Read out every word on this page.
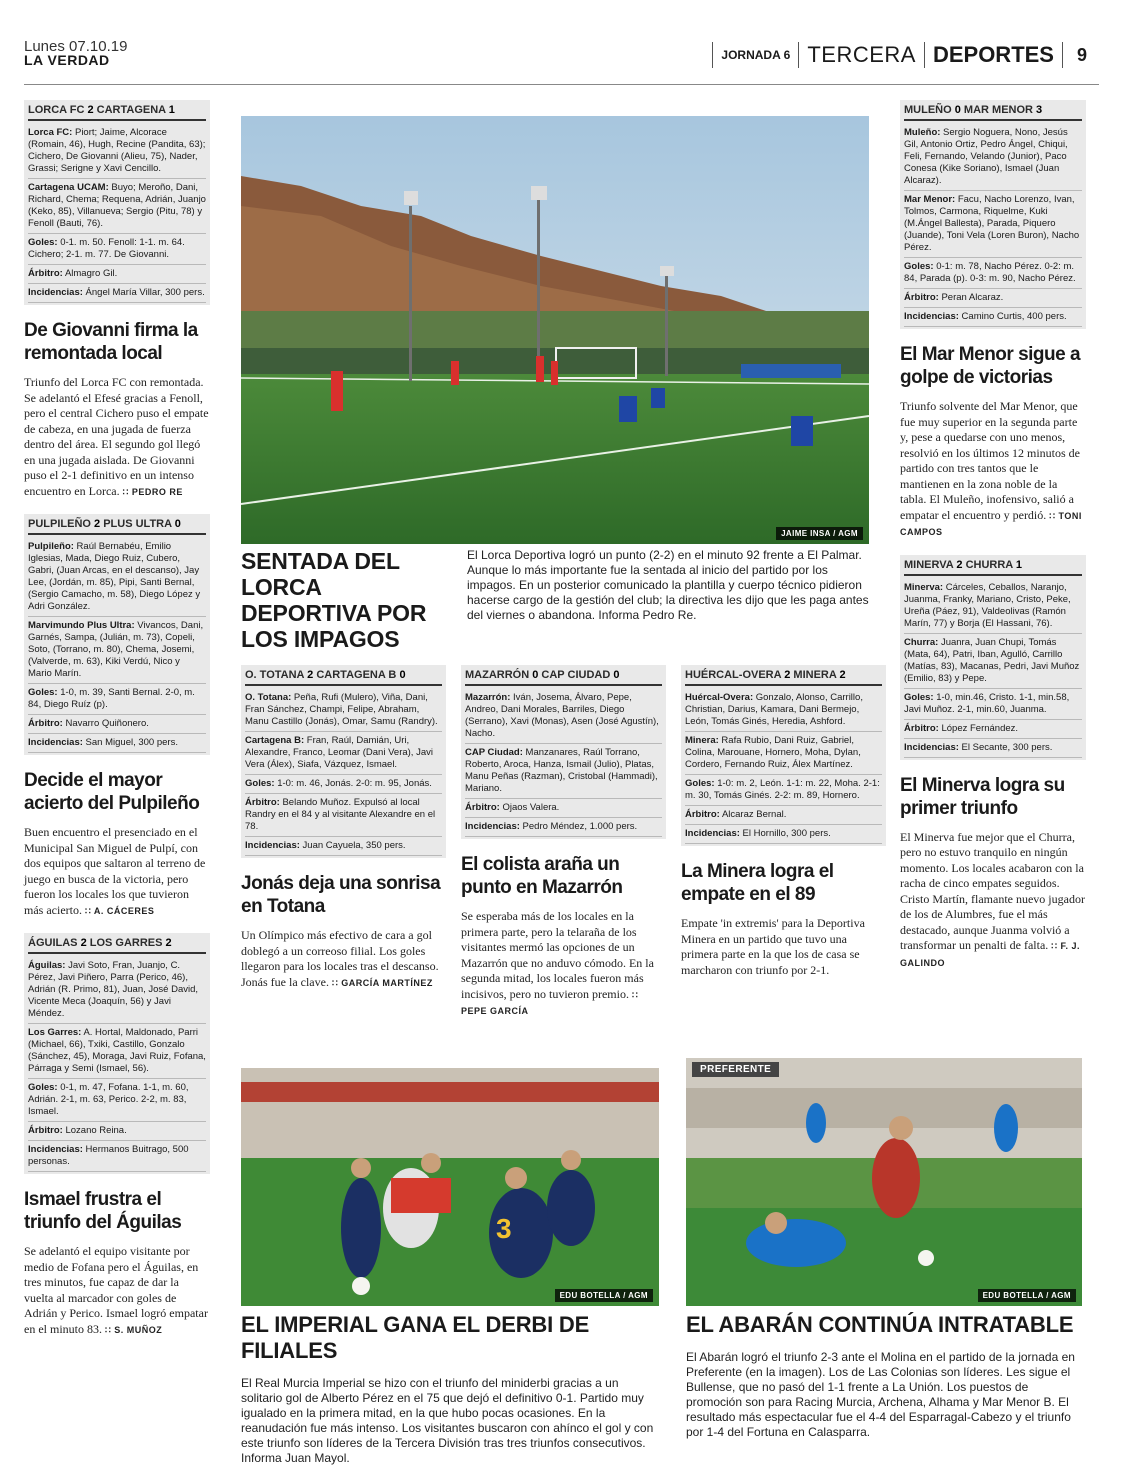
Lunes 07.10.19
LA VERDAD	JORNADA 6 TERCERA DEPORTES 9
LORCA FC 2 CARTAGENA 1
Lorca FC: Piort; Jaime, Alcorace (Romain, 46), Hugh, Recine (Pandita, 63); Cichero, De Giovanni (Alieu, 75), Nader, Grassi; Serigne y Xavi Cencillo.
Cartagena UCAM: Buyo; Meroño, Dani, Richard, Chema; Requena, Adrián, Juanjo (Keko, 85), Villanueva; Sergio (Pitu, 78) y Fenoll (Bauti, 76).
Goles: 0-1. m. 50. Fenoll: 1-1. m. 64. Cichero; 2-1. m. 77. De Giovanni.
Árbitro: Almagro Gil.
Incidencias: Ángel María Villar, 300 pers.
De Giovanni firma la remontada local
Triunfo del Lorca FC con remontada. Se adelantó el Efesé gracias a Fenoll, pero el central Cichero puso el empate de cabeza, en una jugada de fuerza dentro del área. El segundo gol llegó en una jugada aislada. De Giovanni puso el 2-1 definitivo en un intenso encuentro en Lorca. ∷ PEDRO RE
PULPILEÑO 2 PLUS ULTRA 0
Pulpileño: Raúl Bernabéu, Emilio Iglesias, Mada, Diego Ruiz, Cubero, Gabri, (Juan Arcas, en el descanso), Jay Lee, (Jordán, m. 85), Pipi, Santi Bernal, (Sergio Camacho, m. 58), Diego López y Adri González.
Marvimundo Plus Ultra: Vivancos, Dani, Garnés, Sampa, (Julián, m. 73), Copeli, Soto, (Torrano, m. 80), Chema, Josemi, (Valverde, m. 63), Kiki Verdú, Nico y Mario Marín.
Goles: 1-0, m. 39, Santi Bernal. 2-0, m. 84, Diego Ruíz (p).
Árbitro: Navarro Quiñonero.
Incidencias: San Miguel, 300 pers.
Decide el mayor acierto del Pulpileño
Buen encuentro el presenciado en el Municipal San Miguel de Pulpí, con dos equipos que saltaron al terreno de juego en busca de la victoria, pero fueron los locales los que tuvieron más acierto. ∷ A. CÁCERES
ÁGUILAS 2 LOS GARRES 2
Águilas: Javi Soto, Fran, Juanjo, C. Pérez, Javi Piñero, Parra (Perico, 46), Adrián (R. Primo, 81), Juan, José David, Vicente Meca (Joaquín, 56) y Javi Méndez.
Los Garres: A. Hortal, Maldonado, Parri (Michael, 66), Txiki, Castillo, Gonzalo (Sánchez, 45), Moraga, Javi Ruiz, Fofana, Párraga y Semi (Ismael, 56).
Goles: 0-1, m. 47, Fofana. 1-1, m. 60, Adrián. 2-1, m. 63, Perico. 2-2, m. 83, Ismael.
Árbitro: Lozano Reina.
Incidencias: Hermanos Buitrago, 500 personas.
Ismael frustra el triunfo del Águilas
Se adelantó el equipo visitante por medio de Fofana pero el Águilas, en tres minutos, fue capaz de dar la vuelta al marcador con goles de Adrián y Perico. Ismael logró empatar en el minuto 83. ∷ S. MUÑOZ
MULEÑO 0 MAR MENOR 3
Muleño: Sergio Noguera, Nono, Jesús Gil, Antonio Ortiz, Pedro Ángel, Chiqui, Feli, Fernando, Velando (Junior), Paco Conesa (Kike Soriano), Ismael (Juan Alcaraz).
Mar Menor: Facu, Nacho Lorenzo, Ivan, Tolmos, Carmona, Riquelme, Kuki (M.Ángel Ballesta), Parada, Piquero (Juande), Toni Vela (Loren Buron), Nacho Pérez.
Goles: 0-1: m. 78, Nacho Pérez. 0-2: m. 84, Parada (p). 0-3: m. 90, Nacho Pérez.
Árbitro: Peran Alcaraz.
Incidencias: Camino Curtis, 400 pers.
El Mar Menor sigue a golpe de victorias
Triunfo solvente del Mar Menor, que fue muy superior en la segunda parte y, pese a quedarse con uno menos, resolvió en los últimos 12 minutos de partido con tres tantos que le mantienen en la zona noble de la tabla. El Muleño, inofensivo, salió a empatar el encuentro y perdió. ∷ TONI CAMPOS
MINERVA 2 CHURRA 1
Minerva: Cárceles, Ceballos, Naranjo, Juanma, Franky, Mariano, Cristo, Peke, Ureña (Páez, 91), Valdeolivas (Ramón Marín, 77) y Borja (El Hassani, 76).
Churra: Juanra, Juan Chupi, Tomás (Mata, 64), Patri, Iban, Agulló, Carrillo (Matías, 83), Macanas, Pedri, Javi Muñoz (Emilio, 83) y Pepe.
Goles: 1-0, min.46, Cristo. 1-1, min.58, Javi Muñoz. 2-1, min.60, Juanma.
Árbitro: López Fernández.
Incidencias: El Secante, 300 pers.
El Minerva logra su primer triunfo
El Minerva fue mejor que el Churra, pero no estuvo tranquilo en ningún momento. Los locales acabaron con la racha de cinco empates seguidos. Cristo Martín, flamante nuevo jugador de los de Alumbres, fue el más destacado, aunque Juanma volvió a transformar un penalti de falta. ∷ F. J. GALINDO
JAIME INSA / AGM
SENTADA DEL LORCA DEPORTIVA POR LOS IMPAGOS
El Lorca Deportiva logró un punto (2-2) en el minuto 92 frente a El Palmar. Aunque lo más importante fue la sentada al inicio del partido por los impagos. En un posterior comunicado la plantilla y cuerpo técnico pidieron hacerse cargo de la gestión del club; la directiva les dijo que les paga antes del viernes o abandona. Informa Pedro Re.
O. TOTANA 2 CARTAGENA B 0
O. Totana: Peña, Rufi (Mulero), Viña, Dani, Fran Sánchez, Champi, Felipe, Abraham, Manu Castillo (Jonás), Omar, Samu (Randry).
Cartagena B: Fran, Raúl, Damián, Uri, Alexandre, Franco, Leomar (Dani Vera), Javi Vera (Álex), Siafa, Vázquez, Ismael.
Goles: 1-0: m. 46, Jonás. 2-0: m. 95, Jonás.
Árbitro: Belando Muñoz. Expulsó al local Randry en el 84 y al visitante Alexandre en el 78.
Incidencias: Juan Cayuela, 350 pers.
Jonás deja una sonrisa en Totana
Un Olímpico más efectivo de cara a gol doblegó a un correoso filial. Los goles llegaron para los locales tras el descanso. Jonás fue la clave. ∷ GARCÍA MARTÍNEZ
MAZARRÓN 0 CAP CIUDAD 0
Mazarrón: Iván, Josema, Álvaro, Pepe, Andreo, Dani Morales, Barriles, Diego (Serrano), Xavi (Monas), Asen (José Agustín), Nacho.
CAP Ciudad: Manzanares, Raúl Torrano, Roberto, Aroca, Hanza, Ismail (Julio), Platas, Manu Peñas (Razman), Cristobal (Hammadi), Mariano.
Árbitro: Ojaos Valera.
Incidencias: Pedro Méndez, 1.000 pers.
El colista araña un punto en Mazarrón
Se esperaba más de los locales en la primera parte, pero la telaraña de los visitantes mermó las opciones de un Mazarrón que no anduvo cómodo. En la segunda mitad, los locales fueron más incisivos, pero no tuvieron premio. ∷ PEPE GARCÍA
HUÉRCAL-OVERA 2 MINERA 2
Huércal-Overa: Gonzalo, Alonso, Carrillo, Christian, Darius, Kamara, Dani Bermejo, León, Tomás Ginés, Heredia, Ashford.
Minera: Rafa Rubio, Dani Ruiz, Gabriel, Colina, Marouane, Hornero, Moha, Dylan, Cordero, Fernando Ruiz, Álex Martínez.
Goles: 1-0: m. 2, León. 1-1: m. 22, Moha. 2-1: m. 30, Tomás Ginés. 2-2: m. 89, Hornero.
Árbitro: Alcaraz Bernal.
Incidencias: El Hornillo, 300 pers.
La Minera logra el empate en el 89
Empate 'in extremis' para la Deportiva Minera en un partido que tuvo una primera parte en la que los de casa se marcharon con triunfo por 2-1.
3
EDU BOTELLA / AGM
PREFERENTE
EDU BOTELLA / AGM
EL IMPERIAL GANA EL DERBI DE FILIALES
El Real Murcia Imperial se hizo con el triunfo del miniderbi gracias a un solitario gol de Alberto Pérez en el 75 que dejó el definitivo 0-1. Partido muy igualado en la primera mitad, en la que hubo pocas ocasiones. En la reanudación fue más intenso. Los visitantes buscaron con ahínco el gol y con este triunfo son líderes de la Tercera División tras tres triunfos consecutivos. Informa Juan Mayol.
EL ABARÁN CONTINÚA INTRATABLE
El Abarán logró el triunfo 2-3 ante el Molina en el partido de la jornada en Preferente (en la imagen). Los de Las Colonias son líderes. Les sigue el Bullense, que no pasó del 1-1 frente a La Unión. Los puestos de promoción son para Racing Murcia, Archena, Alhama y Mar Menor B. El resultado más espectacular fue el 4-4 del Esparragal-Cabezo y el triunfo por 1-4 del Fortuna en Calasparra.
